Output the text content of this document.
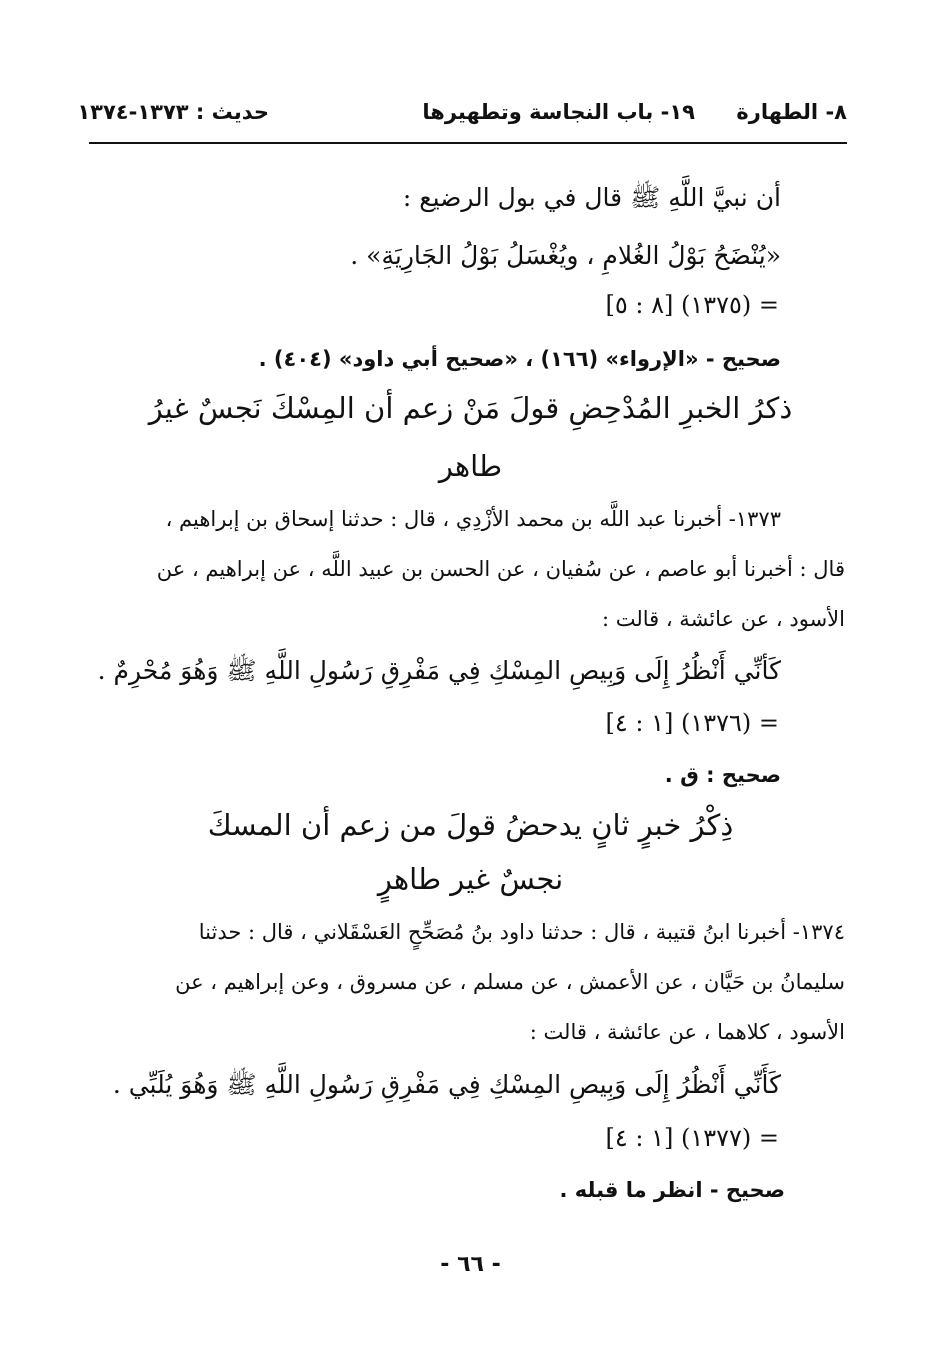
٨- الطهارة
١٩- باب النجاسة وتطهيرها
حديث : ١٣٧٣-١٣٧٤
أن نبيَّ اللَّهِ ﷺ قال في بول الرضيع :
«يُنْضَحُ بَوْلُ الغُلامِ ، ويُغْسَلُ بَوْلُ الجَارِيَةِ» .
= (١٣٧٥) [٨ : ٥]
صحيح - «الإرواء» (١٦٦) ، «صحيح أبي داود» (٤٠٤) .
ذكرُ الخبرِ المُدْحِضِ قولَ مَنْ زعم أن المِسْكَ نَجسٌ غيرُ
طاهر
١٣٧٣- أخبرنا عبد اللَّه بن محمد الأزْدِي ، قال : حدثنا إسحاق بن إبراهيم ،
قال : أخبرنا أبو عاصم ، عن سُفيان ، عن الحسن بن عبيد اللَّه ، عن إبراهيم ، عن
الأسود ، عن عائشة ، قالت :
كَأنِّي أَنْظُرُ إِلَى وَبِيصِ المِسْكِ فِي مَفْرِقِ رَسُولِ اللَّهِ ﷺ وَهُوَ مُحْرِمٌ .
= (١٣٧٦) [١ : ٤]
صحيح : ق .
ذِكْرُ خبرٍ ثانٍ يدحضُ قولَ من زعم أن المسكَ
نجسٌ غير طاهرٍ
١٣٧٤- أخبرنا ابنُ قتيبة ، قال : حدثنا داود بنُ مُصَحِّحٍ العَسْقَلاني ، قال : حدثنا
سليمانُ بن حَيَّان ، عن الأعمش ، عن مسلم ، عن مسروق ، وعن إبراهيم ، عن
الأسود ، كلاهما ، عن عائشة ، قالت :
كَأَنِّي أَنْظُرُ إِلَى وَبِيصِ المِسْكِ فِي مَفْرِقِ رَسُولِ اللَّهِ ﷺ وَهُوَ يُلَبِّي .
= (١٣٧٧) [١ : ٤]
صحيح - انظر ما قبله .
- ٦٦ -
